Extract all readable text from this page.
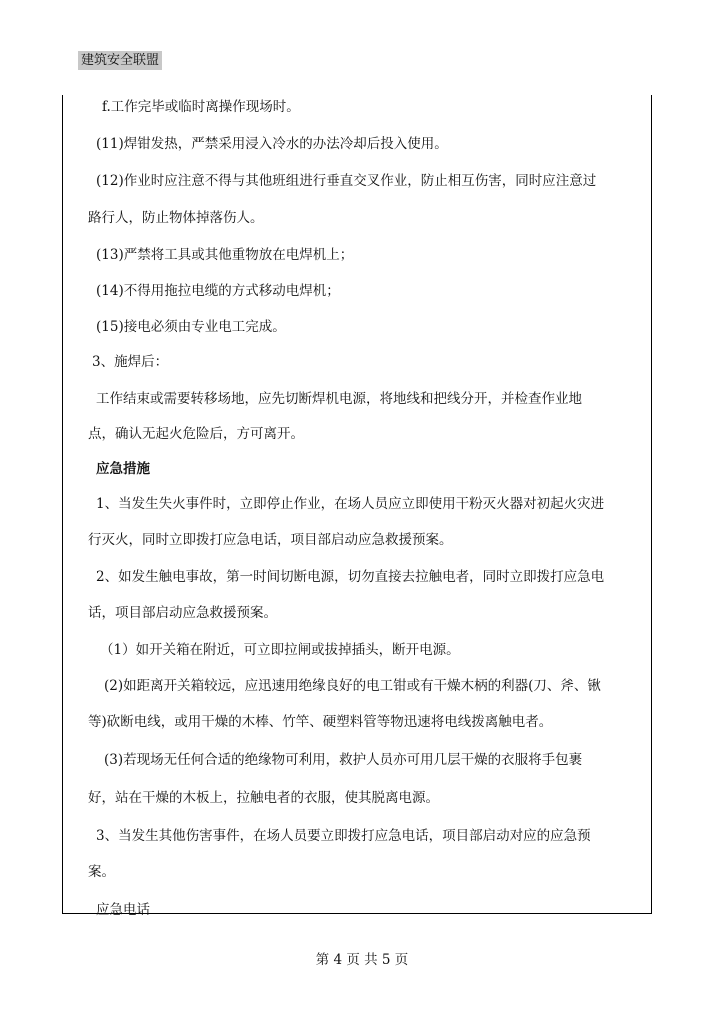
建筑安全联盟
f.工作完毕或临时离操作现场时。
(11)焊钳发热，严禁采用浸入冷水的办法冷却后投入使用。
(12)作业时应注意不得与其他班组进行垂直交叉作业，防止相互伤害，同时应注意过
路行人，防止物体掉落伤人。
(13)严禁将工具或其他重物放在电焊机上；
(14)不得用拖拉电缆的方式移动电焊机；
(15)接电必须由专业电工完成。
3、施焊后：
工作结束或需要转移场地，应先切断焊机电源，将地线和把线分开，并检查作业地
点，确认无起火危险后，方可离开。
应急措施
1、当发生失火事件时，立即停止作业，在场人员应立即使用干粉灭火器对初起火灾进
行灭火，同时立即拨打应急电话，项目部启动应急救援预案。
2、如发生触电事故，第一时间切断电源，切勿直接去拉触电者，同时立即拨打应急电
话，项目部启动应急救援预案。
（1）如开关箱在附近，可立即拉闸或拔掉插头，断开电源。
(2)如距离开关箱较远，应迅速用绝缘良好的电工钳或有干燥木柄的利器(刀、斧、锹
等)砍断电线，或用干燥的木棒、竹竿、硬塑料管等物迅速将电线拨离触电者。
(3)若现场无任何合适的绝缘物可利用，救护人员亦可用几层干燥的衣服将手包裹
好，站在干燥的木板上，拉触电者的衣服，使其脱离电源。
3、当发生其他伤害事件，在场人员要立即拨打应急电话，项目部启动对应的应急预
案。
应急电话
第 4 页 共 5 页
